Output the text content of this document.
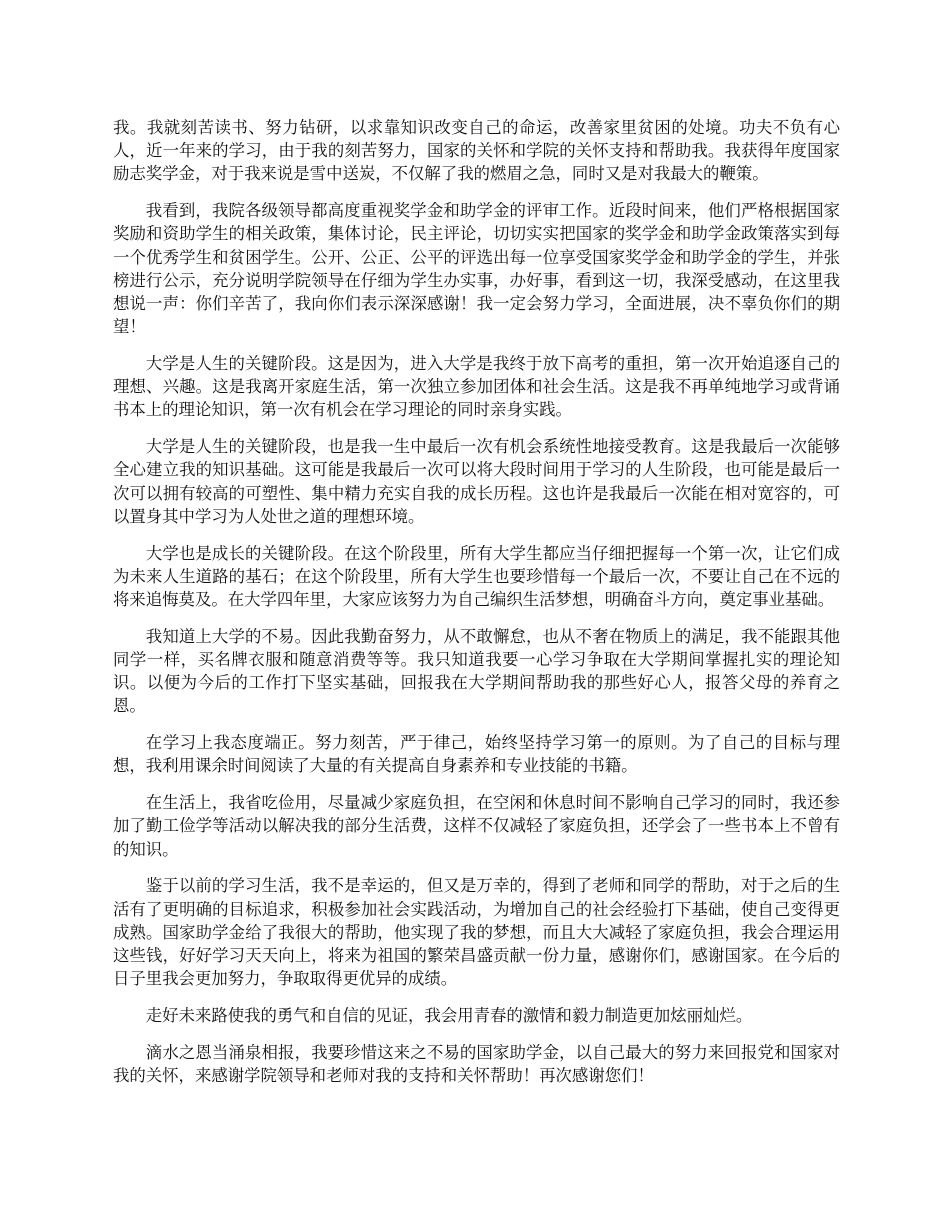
我。我就刻苦读书、努力钻研，以求靠知识改变自己的命运，改善家里贫困的处境。功夫不负有心人，近一年来的学习，由于我的刻苦努力，国家的关怀和学院的关怀支持和帮助我。我获得年度国家励志奖学金，对于我来说是雪中送炭，不仅解了我的燃眉之急，同时又是对我最大的鞭策。

我看到，我院各级领导都高度重视奖学金和助学金的评审工作。近段时间来，他们严格根据国家奖励和资助学生的相关政策，集体讨论，民主评论，切切实实把国家的奖学金和助学金政策落实到每一个优秀学生和贫困学生。公开、公正、公平的评选出每一位享受国家奖学金和助学金的学生，并张榜进行公示，充分说明学院领导在仔细为学生办实事，办好事，看到这一切，我深受感动，在这里我想说一声：你们辛苦了，我向你们表示深深感谢！我一定会努力学习，全面进展，决不辜负你们的期望！

大学是人生的关键阶段。这是因为，进入大学是我终于放下高考的重担，第一次开始追逐自己的理想、兴趣。这是我离开家庭生活，第一次独立参加团体和社会生活。这是我不再单纯地学习或背诵书本上的理论知识，第一次有机会在学习理论的同时亲身实践。

大学是人生的关键阶段，也是我一生中最后一次有机会系统性地接受教育。这是我最后一次能够全心建立我的知识基础。这可能是我最后一次可以将大段时间用于学习的人生阶段，也可能是最后一次可以拥有较高的可塑性、集中精力充实自我的成长历程。这也许是我最后一次能在相对宽容的，可以置身其中学习为人处世之道的理想环境。

大学也是成长的关键阶段。在这个阶段里，所有大学生都应当仔细把握每一个第一次，让它们成为未来人生道路的基石；在这个阶段里，所有大学生也要珍惜每一个最后一次，不要让自己在不远的将来追悔莫及。在大学四年里，大家应该努力为自己编织生活梦想，明确奋斗方向，奠定事业基础。

我知道上大学的不易。因此我勤奋努力，从不敢懈怠，也从不奢在物质上的满足，我不能跟其他同学一样，买名牌衣服和随意消费等等。我只知道我要一心学习争取在大学期间掌握扎实的理论知识。以便为今后的工作打下坚实基础，回报我在大学期间帮助我的那些好心人，报答父母的养育之恩。

在学习上我态度端正。努力刻苦，严于律己，始终坚持学习第一的原则。为了自己的目标与理想，我利用课余时间阅读了大量的有关提高自身素养和专业技能的书籍。

在生活上，我省吃俭用，尽量减少家庭负担，在空闲和休息时间不影响自己学习的同时，我还参加了勤工俭学等活动以解决我的部分生活费，这样不仅减轻了家庭负担，还学会了一些书本上不曾有的知识。

鉴于以前的学习生活，我不是幸运的，但又是万幸的，得到了老师和同学的帮助，对于之后的生活有了更明确的目标追求，积极参加社会实践活动，为增加自己的社会经验打下基础，使自己变得更成熟。国家助学金给了我很大的帮助，他实现了我的梦想，而且大大减轻了家庭负担，我会合理运用这些钱，好好学习天天向上，将来为祖国的繁荣昌盛贡献一份力量，感谢你们，感谢国家。在今后的日子里我会更加努力，争取取得更优异的成绩。

走好未来路使我的勇气和自信的见证，我会用青春的激情和毅力制造更加炫丽灿烂。

滴水之恩当涌泉相报，我要珍惜这来之不易的国家助学金，以自己最大的努力来回报党和国家对我的关怀，来感谢学院领导和老师对我的支持和关怀帮助！再次感谢您们！
